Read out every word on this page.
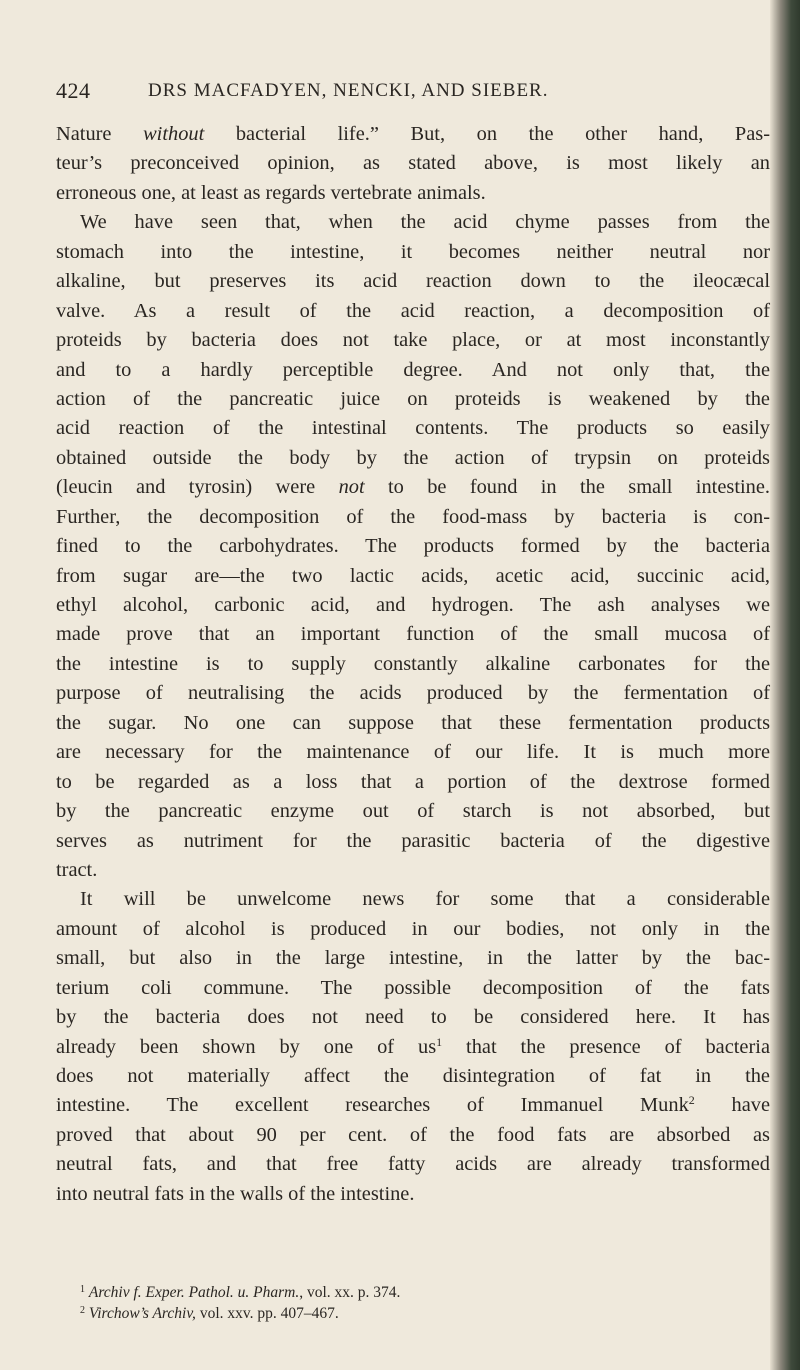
424	DRS MACFADYEN, NENCKI, AND SIEBER.
Nature without bacterial life.” But, on the other hand, Pas-
teur’s preconceived opinion, as stated above, is most likely an
erroneous one, at least as regards vertebrate animals.
We have seen that, when the acid chyme passes from the
stomach into the intestine, it becomes neither neutral nor
alkaline, but preserves its acid reaction down to the ileocæcal
valve. As a result of the acid reaction, a decomposition of
proteids by bacteria does not take place, or at most inconstantly
and to a hardly perceptible degree. And not only that, the
action of the pancreatic juice on proteids is weakened by the
acid reaction of the intestinal contents. The products so easily
obtained outside the body by the action of trypsin on proteids
(leucin and tyrosin) were not to be found in the small intestine.
Further, the decomposition of the food-mass by bacteria is con-
fined to the carbohydrates. The products formed by the bacteria
from sugar are—the two lactic acids, acetic acid, succinic acid,
ethyl alcohol, carbonic acid, and hydrogen. The ash analyses we
made prove that an important function of the small mucosa of
the intestine is to supply constantly alkaline carbonates for the
purpose of neutralising the acids produced by the fermentation of
the sugar. No one can suppose that these fermentation products
are necessary for the maintenance of our life. It is much more
to be regarded as a loss that a portion of the dextrose formed
by the pancreatic enzyme out of starch is not absorbed, but
serves as nutriment for the parasitic bacteria of the digestive
tract.
It will be unwelcome news for some that a considerable
amount of alcohol is produced in our bodies, not only in the
small, but also in the large intestine, in the latter by the bac-
terium coli commune. The possible decomposition of the fats
by the bacteria does not need to be considered here. It has
already been shown by one of $us^1$ that the presence of bacteria
does not materially affect the disintegration of fat in the
intestine. The excellent researches of Immanuel Munk$^2$ have
proved that about 90 per cent. of the food fats are absorbed as
neutral fats, and that free fatty acids are already transformed
into neutral fats in the walls of the intestine.
$^1$ Archiv f. Exper. Pathol. u. Pharm., vol. xx. p. 374.
$^2$ Virchow’s Archiv, vol. xxv. pp. 407–467.
